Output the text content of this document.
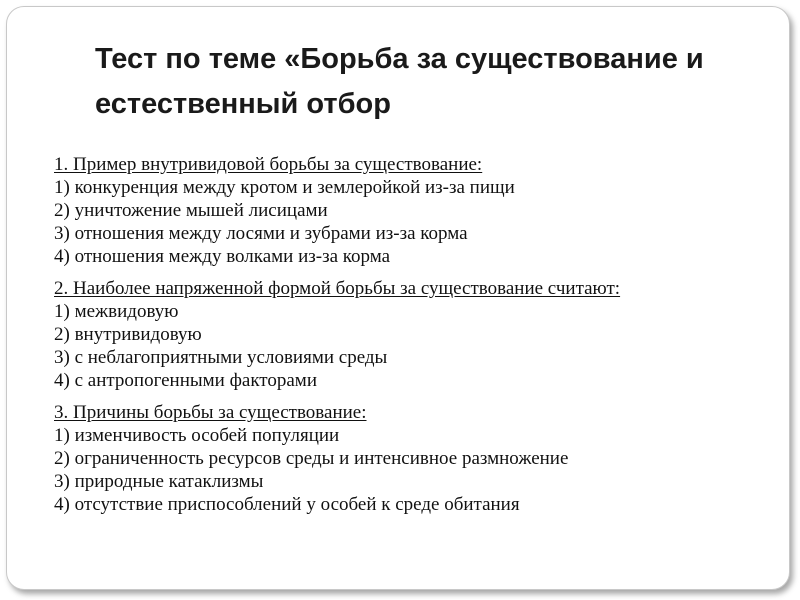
Тест по теме «Борьба за существование и естественный отбор
1. Пример внутривидовой борьбы за существование:
1) конкуренция между кротом и землеройкой из-за пищи
2) уничтожение мышей лисицами
3) отношения между лосями и зубрами из-за корма
4) отношения между волками из-за корма
2. Наиболее напряженной формой борьбы за существование считают:
1) межвидовую
2) внутривидовую
3) с неблагоприятными условиями среды
4) с антропогенными факторами
3. Причины борьбы за существование:
1) изменчивость особей популяции
2) ограниченность ресурсов среды и интенсивное размножение
3) природные катаклизмы
4) отсутствие приспособлений у особей к среде обитания
